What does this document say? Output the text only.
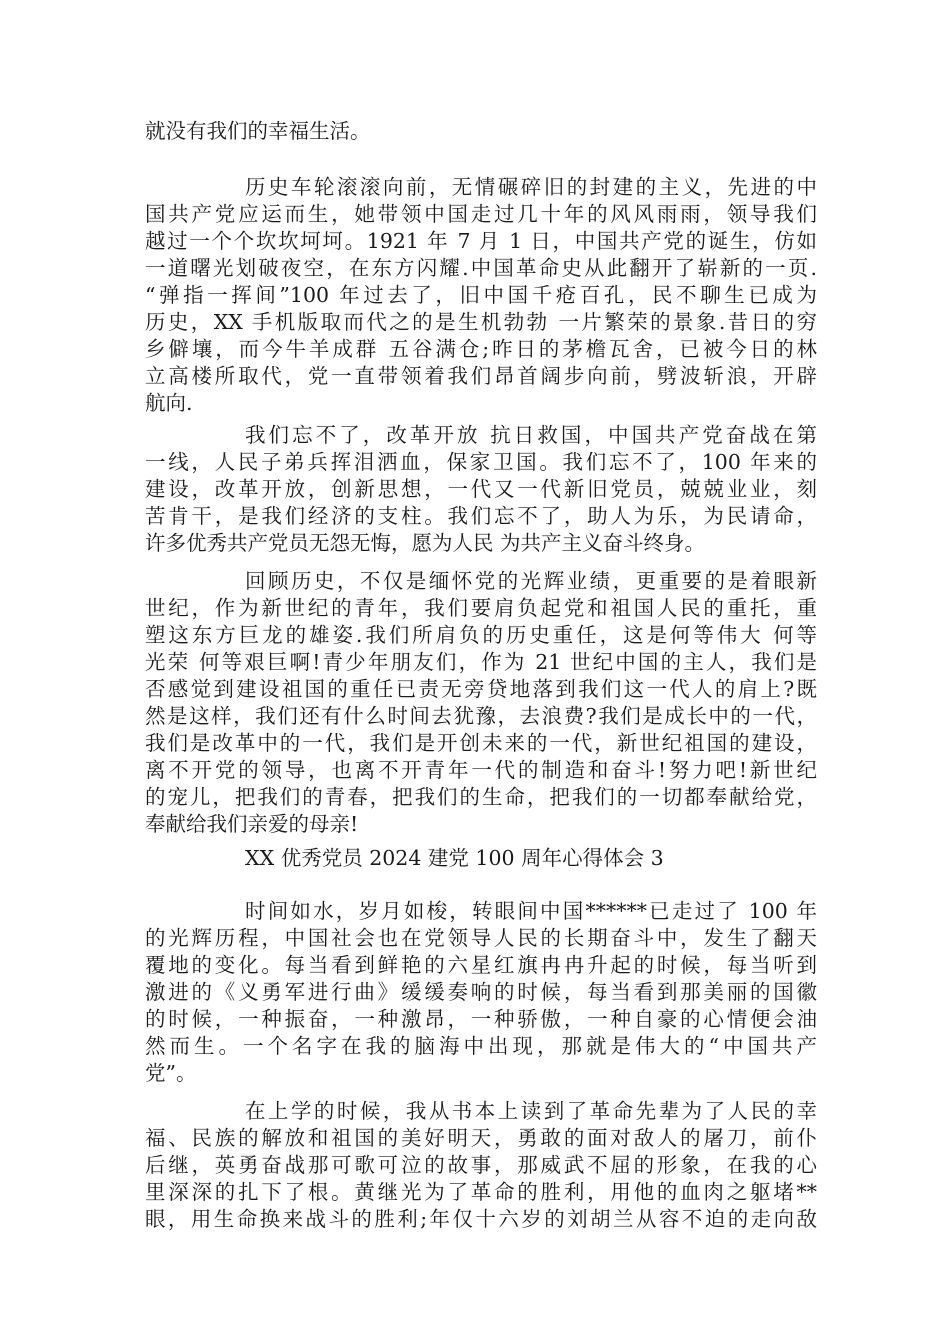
就没有我们的幸福生活。
历史车轮滚滚向前，无情碾碎旧的封建的主义，先进的中
国共产党应运而生，她带领中国走过几十年的风风雨雨，领导我们
越过一个个坎坎坷坷。1921 年 7 月 1 日，中国共产党的诞生，仿如
一道曙光划破夜空，在东方闪耀.中国革命史从此翻开了崭新的一页.
“弹指一挥间”100 年过去了，旧中国千疮百孔，民不聊生已成为
历史，XX 手机版取而代之的是生机勃勃 一片繁荣的景象.昔日的穷
乡僻壤，而今牛羊成群 五谷满仓;昨日的茅檐瓦舍，已被今日的林
立高楼所取代，党一直带领着我们昂首阔步向前，劈波斩浪，开辟
航向.
我们忘不了，改革开放 抗日救国，中国共产党奋战在第
一线，人民子弟兵挥泪洒血，保家卫国。我们忘不了，100 年来的
建设，改革开放，创新思想，一代又一代新旧党员，兢兢业业，刻
苦肯干，是我们经济的支柱。我们忘不了，助人为乐，为民请命，
许多优秀共产党员无怨无悔，愿为人民 为共产主义奋斗终身。
回顾历史，不仅是缅怀党的光辉业绩，更重要的是着眼新
世纪，作为新世纪的青年，我们要肩负起党和祖国人民的重托，重
塑这东方巨龙的雄姿.我们所肩负的历史重任，这是何等伟大 何等
光荣 何等艰巨啊!青少年朋友们，作为 21 世纪中国的主人，我们是
否感觉到建设祖国的重任已责无旁贷地落到我们这一代人的肩上?既
然是这样，我们还有什么时间去犹豫，去浪费?我们是成长中的一代，
我们是改革中的一代，我们是开创未来的一代，新世纪祖国的建设，
离不开党的领导，也离不开青年一代的制造和奋斗!努力吧!新世纪
的宠儿，把我们的青春，把我们的生命，把我们的一切都奉献给党，
奉献给我们亲爱的母亲!
XX 优秀党员 2024 建党 100 周年心得体会 3
时间如水，岁月如梭，转眼间中国******已走过了 100 年
的光辉历程，中国社会也在党领导人民的长期奋斗中，发生了翻天
覆地的变化。每当看到鲜艳的六星红旗冉冉升起的时候，每当听到
激进的《义勇军进行曲》缓缓奏响的时候，每当看到那美丽的国徽
的时候，一种振奋，一种激昂，一种骄傲，一种自豪的心情便会油
然而生。一个名字在我的脑海中出现，那就是伟大的“中国共产
党”。
在上学的时候，我从书本上读到了革命先辈为了人民的幸
福、民族的解放和祖国的美好明天，勇敢的面对敌人的屠刀，前仆
后继，英勇奋战那可歌可泣的故事，那威武不屈的形象，在我的心
里深深的扎下了根。黄继光为了革命的胜利，用他的血肉之躯堵**
眼，用生命换来战斗的胜利;年仅十六岁的刘胡兰从容不迫的走向敌
